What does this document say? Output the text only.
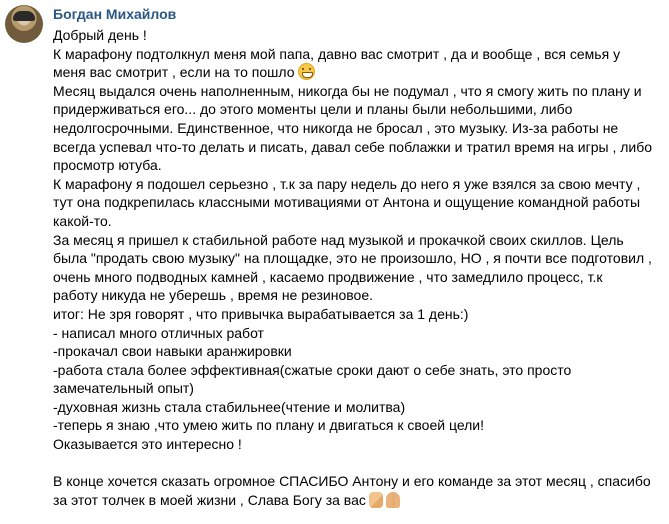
Богдан Михайлов
Добрый день !
К марафону подтолкнул меня мой папа, давно вас смотрит , да и вообще , вся семья у
меня вас смотрит , если на то пошло
Месяц выдался очень наполненным, никогда бы не подумал , что я смогу жить по плану и
придерживаться его... до этого моменты цели и планы были небольшими, либо
недолгосрочными. Единственное, что никогда не бросал , это музыку. Из-за работы не
всегда успевал что-то делать и писать, давал себе поблажки и тратил время на игры , либо
просмотр ютуба.
К марафону я подошел серьезно , т.к за пару недель до него я уже взялся за свою мечту ,
тут она подкрепилась классными мотивациями от Антона и ощущение командной работы
какой-то.
За месяц я пришел к стабильной работе над музыкой и прокачкой своих скиллов. Цель
была "продать свою музыку" на площадке, это не произошло, НО , я почти все подготовил ,
очень много подводных камней , касаемо продвижение , что замедлило процесс, т.к
работу никуда не уберешь , время не резиновое.
итог: Не зря говорят , что привычка вырабатывается за 1 день:)
- написал много отличных работ
-прокачал свои навыки аранжировки
-работа стала более эффективная(сжатые сроки дают о себе знать, это просто
замечательный опыт)
-духовная жизнь стала стабильнее(чтение и молитва)
-теперь я знаю ,что умею жить по плану и двигаться к своей цели!
Оказывается это интересно !
В конце хочется сказать огромное СПАСИБО Антону и его команде за этот месяц , спасибо
за этот толчек в моей жизни , Слава Богу за вас
